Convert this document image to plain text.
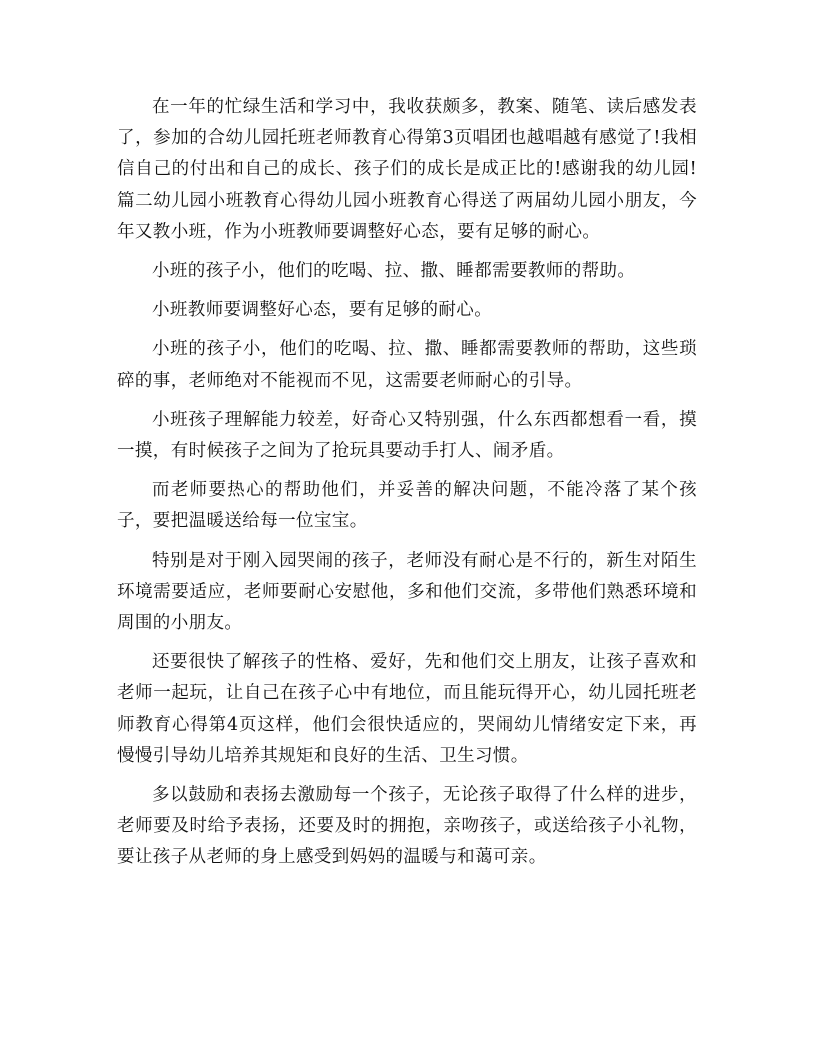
在一年的忙绿生活和学习中，我收获颇多，教案、随笔、读后感发表了，参加的合幼儿园托班老师教育心得第3页唱团也越唱越有感觉了!我相信自己的付出和自己的成长、孩子们的成长是成正比的!感谢我的幼儿园!篇二幼儿园小班教育心得幼儿园小班教育心得送了两届幼儿园小朋友，今年又教小班，作为小班教师要调整好心态，要有足够的耐心。

小班的孩子小，他们的吃喝、拉、撒、睡都需要教师的帮助。

小班教师要调整好心态，要有足够的耐心。

小班的孩子小，他们的吃喝、拉、撒、睡都需要教师的帮助，这些琐碎的事，老师绝对不能视而不见，这需要老师耐心的引导。

小班孩子理解能力较差，好奇心又特别强，什么东西都想看一看，摸一摸，有时候孩子之间为了抢玩具要动手打人、闹矛盾。

而老师要热心的帮助他们，并妥善的解决问题，不能冷落了某个孩子，要把温暖送给每一位宝宝。

特别是对于刚入园哭闹的孩子，老师没有耐心是不行的，新生对陌生环境需要适应，老师要耐心安慰他，多和他们交流，多带他们熟悉环境和周围的小朋友。

还要很快了解孩子的性格、爱好，先和他们交上朋友，让孩子喜欢和老师一起玩，让自己在孩子心中有地位，而且能玩得开心，幼儿园托班老师教育心得第4页这样，他们会很快适应的，哭闹幼儿情绪安定下来，再慢慢引导幼儿培养其规矩和良好的生活、卫生习惯。

多以鼓励和表扬去激励每一个孩子，无论孩子取得了什么样的进步，老师要及时给予表扬，还要及时的拥抱，亲吻孩子，或送给孩子小礼物，要让孩子从老师的身上感受到妈妈的温暖与和蔼可亲。
